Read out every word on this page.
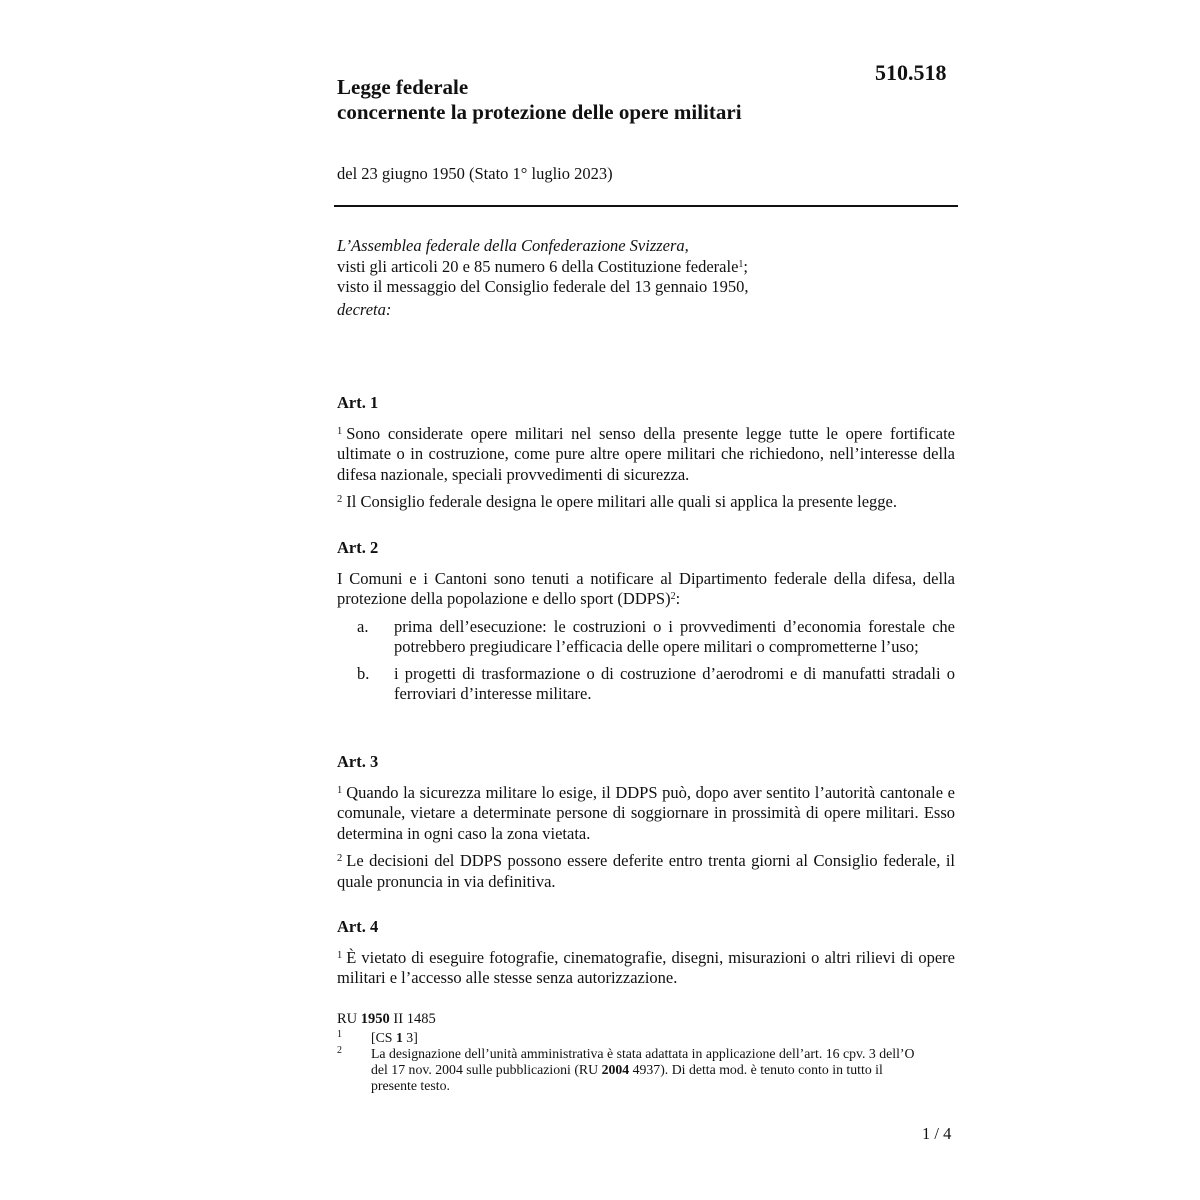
510.518
Legge federale
concernente la protezione delle opere militari
del 23 giugno 1950 (Stato 1° luglio 2023)
L’Assemblea federale della Confederazione Svizzera,
visti gli articoli 20 e 85 numero 6 della Costituzione federale$^1$;
visto il messaggio del Consiglio federale del 13 gennaio 1950,
decreta:
Art. 1
$^1$ Sono considerate opere militari nel senso della presente legge tutte le opere fortificate ultimate o in costruzione, come pure altre opere militari che richiedono, nell’interesse della difesa nazionale, speciali provvedimenti di sicurezza.
$^2$ Il Consiglio federale designa le opere militari alle quali si applica la presente legge.
Art. 2
I Comuni e i Cantoni sono tenuti a notificare al Dipartimento federale della difesa, della protezione della popolazione e dello sport (DDPS)$^2$:
a.	prima dell’esecuzione: le costruzioni o i provvedimenti d’economia forestale che potrebbero pregiudicare l’efficacia delle opere militari o comprometterne l’uso;
b.	i progetti di trasformazione o di costruzione d’aerodromi e di manufatti stradali o ferroviari d’interesse militare.
Art. 3
$^1$ Quando la sicurezza militare lo esige, il DDPS può, dopo aver sentito l’autorità cantonale e comunale, vietare a determinate persone di soggiornare in prossimità di opere militari. Esso determina in ogni caso la zona vietata.
$^2$ Le decisioni del DDPS possono essere deferite entro trenta giorni al Consiglio federale, il quale pronuncia in via definitiva.
Art. 4
$^1$ È vietato di eseguire fotografie, cinematografie, disegni, misurazioni o altri rilievi di opere militari e l’accesso alle stesse senza autorizzazione.
RU 1950 II 1485
1	[CS 1 3]
2	La designazione dell’unità amministrativa è stata adattata in applicazione dell’art. 16 cpv. 3 dell’O del 17 nov. 2004 sulle pubblicazioni (RU 2004 4937). Di detta mod. è tenuto conto in tutto il presente testo.
1 / 4
